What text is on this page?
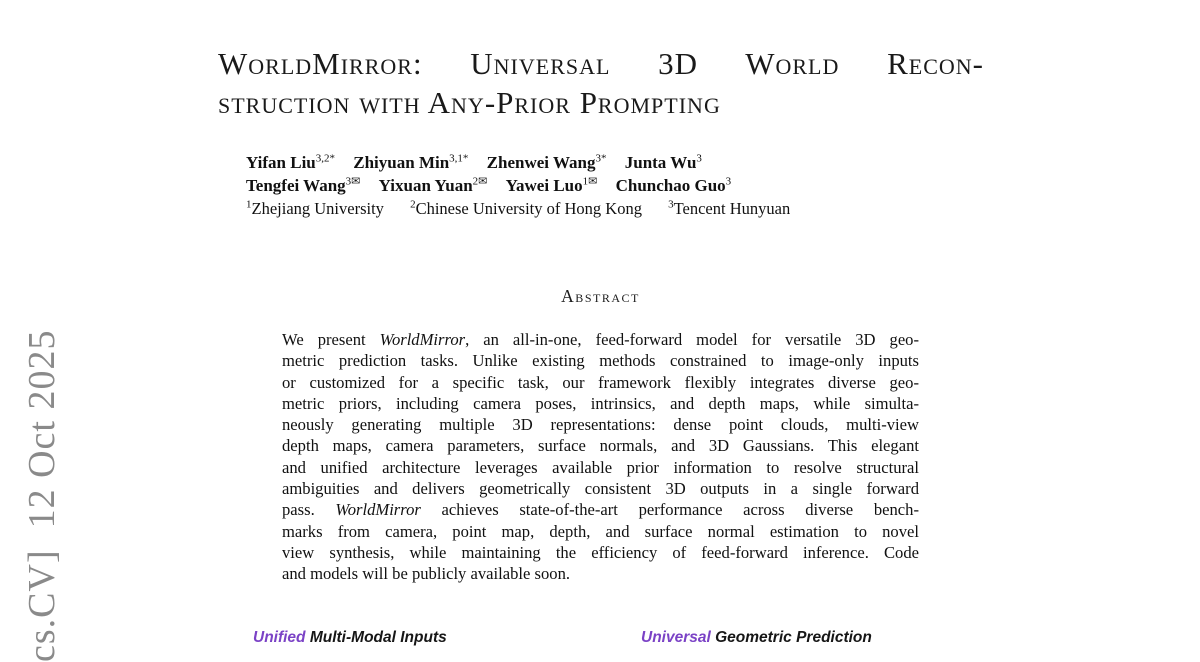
cs.CV]  12 Oct 2025
WorldMirror: Universal 3D World Recon-
struction with Any-Prior Prompting
Yifan Liu$^{3,2*}$ Zhiyuan Min$^{3,1*}$ Zhenwei Wang$^{3*}$ Junta Wu$^3$
Tengfei Wang$^{3✉}$ Yixuan Yuan$^{2✉}$ Yawei Luo$^{1✉}$ Chunchao Guo$^3$
$^1$Zhejiang University $^2$Chinese University of Hong Kong $^3$Tencent Hunyuan
Abstract
We present WorldMirror, an all-in-one, feed-forward model for versatile 3D geo-
metric prediction tasks. Unlike existing methods constrained to image-only inputs
or customized for a specific task, our framework flexibly integrates diverse geo-
metric priors, including camera poses, intrinsics, and depth maps, while simulta-
neously generating multiple 3D representations: dense point clouds, multi-view
depth maps, camera parameters, surface normals, and 3D Gaussians. This elegant
and unified architecture leverages available prior information to resolve structural
ambiguities and delivers geometrically consistent 3D outputs in a single forward
pass. WorldMirror achieves state-of-the-art performance across diverse bench-
marks from camera, point map, depth, and surface normal estimation to novel
view synthesis, while maintaining the efficiency of feed-forward inference. Code
and models will be publicly available soon.
Unified Multi-Modal Inputs	Universal Geometric Prediction
